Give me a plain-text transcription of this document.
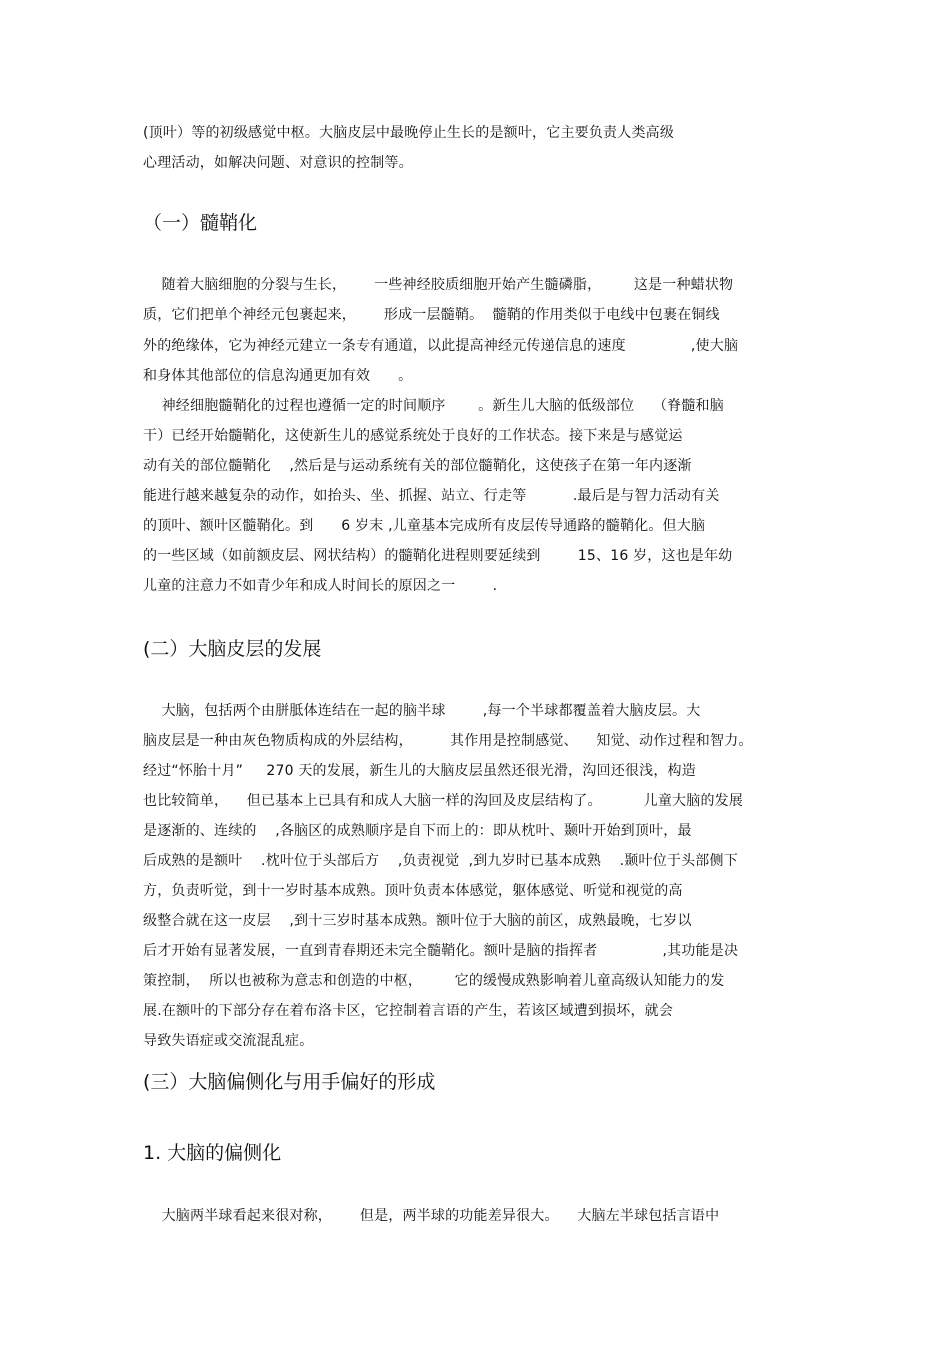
(顶叶）等的初级感觉中枢。大脑皮层中最晚停止生长的是额叶，它主要负责人类高级
心理活动，如解决问题、对意识的控制等。
（一）髓鞘化
随着大脑细胞的分裂与生长，      一些神经胶质细胞开始产生髓磷脂，       这是一种蜡状物
质，它们把单个神经元包裹起来，      形成一层髓鞘。  髓鞘的作用类似于电线中包裹在铜线
外的绝缘体，它为神经元建立一条专有通道，以此提高神经元传递信息的速度              ,使大脑
和身体其他部位的信息沟通更加有效      。
神经细胞髓鞘化的过程也遵循一定的时间顺序       。新生儿大脑的低级部位    （脊髓和脑
干）已经开始髓鞘化，这使新生儿的感觉系统处于良好的工作状态。接下来是与感觉运
动有关的部位髓鞘化    ,然后是与运动系统有关的部位髓鞘化，这使孩子在第一年内逐渐
能进行越来越复杂的动作，如抬头、坐、抓握、站立、行走等          .最后是与智力活动有关
的顶叶、额叶区髓鞘化。到      6 岁末 ,儿童基本完成所有皮层传导通路的髓鞘化。但大脑
的一些区域（如前额皮层、网状结构）的髓鞘化进程则要延续到        15、16 岁，这也是年幼
儿童的注意力不如青少年和成人时间长的原因之一        .
(二）大脑皮层的发展
大脑，包括两个由胼胝体连结在一起的脑半球        ,每一个半球都覆盖着大脑皮层。大
脑皮层是一种由灰色物质构成的外层结构，        其作用是控制感觉、    知觉、动作过程和智力。
经过“怀胎十月”     270 天的发展，新生儿的大脑皮层虽然还很光滑，沟回还很浅，构造
也比较简单，    但已基本上已具有和成人大脑一样的沟回及皮层结构了。         儿童大脑的发展
是逐渐的、连续的    ,各脑区的成熟顺序是自下而上的：即从枕叶、颞叶开始到顶叶，最
后成熟的是额叶    .枕叶位于头部后方    ,负责视觉  ,到九岁时已基本成熟    .颞叶位于头部侧下
方，负责听觉，到十一岁时基本成熟。顶叶负责本体感觉，躯体感觉、听觉和视觉的高
级整合就在这一皮层    ,到十三岁时基本成熟。额叶位于大脑的前区，成熟最晚，七岁以
后才开始有显著发展，一直到青春期还未完全髓鞘化。额叶是脑的指挥者              ,其功能是决
策控制，  所以也被称为意志和创造的中枢，       它的缓慢成熟影响着儿童高级认知能力的发
展.在额叶的下部分存在着布洛卡区，它控制着言语的产生，若该区域遭到损坏，就会
导致失语症或交流混乱症。
(三）大脑偏侧化与用手偏好的形成
1. 大脑的偏侧化
大脑两半球看起来很对称，      但是，两半球的功能差异很大。    大脑左半球包括言语中
